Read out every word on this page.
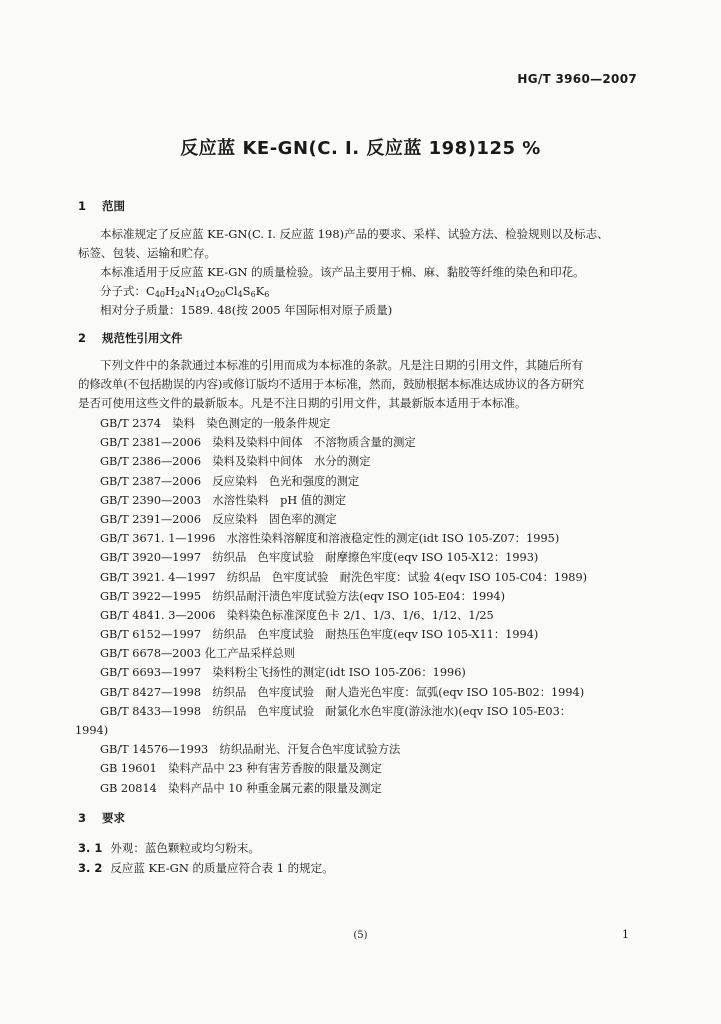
HG/T 3960—2007
反应蓝 KE-GN(C. I. 反应蓝 198)125 %
1 范围
本标准规定了反应蓝 KE-GN(C. I. 反应蓝 198)产品的要求、采样、试验方法、检验规则以及标志、
标签、包装、运输和贮存。
本标准适用于反应蓝 KE-GN 的质量检验。该产品主要用于棉、麻、黏胶等纤维的染色和印花。
分子式：$C_{40}H_{24}N_{14}O_{20}Cl_4S_6K_6$
相对分子质量：1589. 48(按 2005 年国际相对原子质量)
2 规范性引用文件
下列文件中的条款通过本标准的引用而成为本标准的条款。凡是注日期的引用文件，其随后所有
的修改单(不包括勘误的内容)或修订版均不适用于本标准，然而，鼓励根据本标准达成协议的各方研究
是否可使用这些文件的最新版本。凡是不注日期的引用文件，其最新版本适用于本标准。
GB/T 2374　染料　染色测定的一般条件规定
GB/T 2381—2006　染料及染料中间体　不溶物质含量的测定
GB/T 2386—2006　染料及染料中间体　水分的测定
GB/T 2387—2006　反应染料　色光和强度的测定
GB/T 2390—2003　水溶性染料　pH 值的测定
GB/T 2391—2006　反应染料　固色率的测定
GB/T 3671. 1—1996　水溶性染料溶解度和溶液稳定性的测定(idt ISO 105-Z07：1995)
GB/T 3920—1997　纺织品　色牢度试验　耐摩擦色牢度(eqv ISO 105-X12：1993)
GB/T 3921. 4—1997　纺织品　色牢度试验　耐洗色牢度：试验 4(eqv ISO 105-C04：1989)
GB/T 3922—1995　纺织品耐汗渍色牢度试验方法(eqv ISO 105-E04：1994)
GB/T 4841. 3—2006　染料染色标准深度色卡 2/1、1/3、1/6、1/12、1/25
GB/T 6152—1997　纺织品　色牢度试验　耐热压色牢度(eqv ISO 105-X11：1994)
GB/T 6678—2003 化工产品采样总则
GB/T 6693—1997　染料粉尘飞扬性的测定(idt ISO 105-Z06：1996)
GB/T 8427—1998　纺织品　色牢度试验　耐人造光色牢度：氙弧(eqv ISO 105-B02：1994)
GB/T 8433—1998　纺织品　色牢度试验　耐氯化水色牢度(游泳池水)(eqv ISO 105-E03：
1994)
GB/T 14576—1993　纺织品耐光、汗复合色牢度试验方法
GB 19601　染料产品中 23 种有害芳香胺的限量及测定
GB 20814　染料产品中 10 种重金属元素的限量及测定
3 要求
3. 1 外观：蓝色颗粒或均匀粉末。
3. 2 反应蓝 KE-GN 的质量应符合表 1 的规定。
(5)	1
